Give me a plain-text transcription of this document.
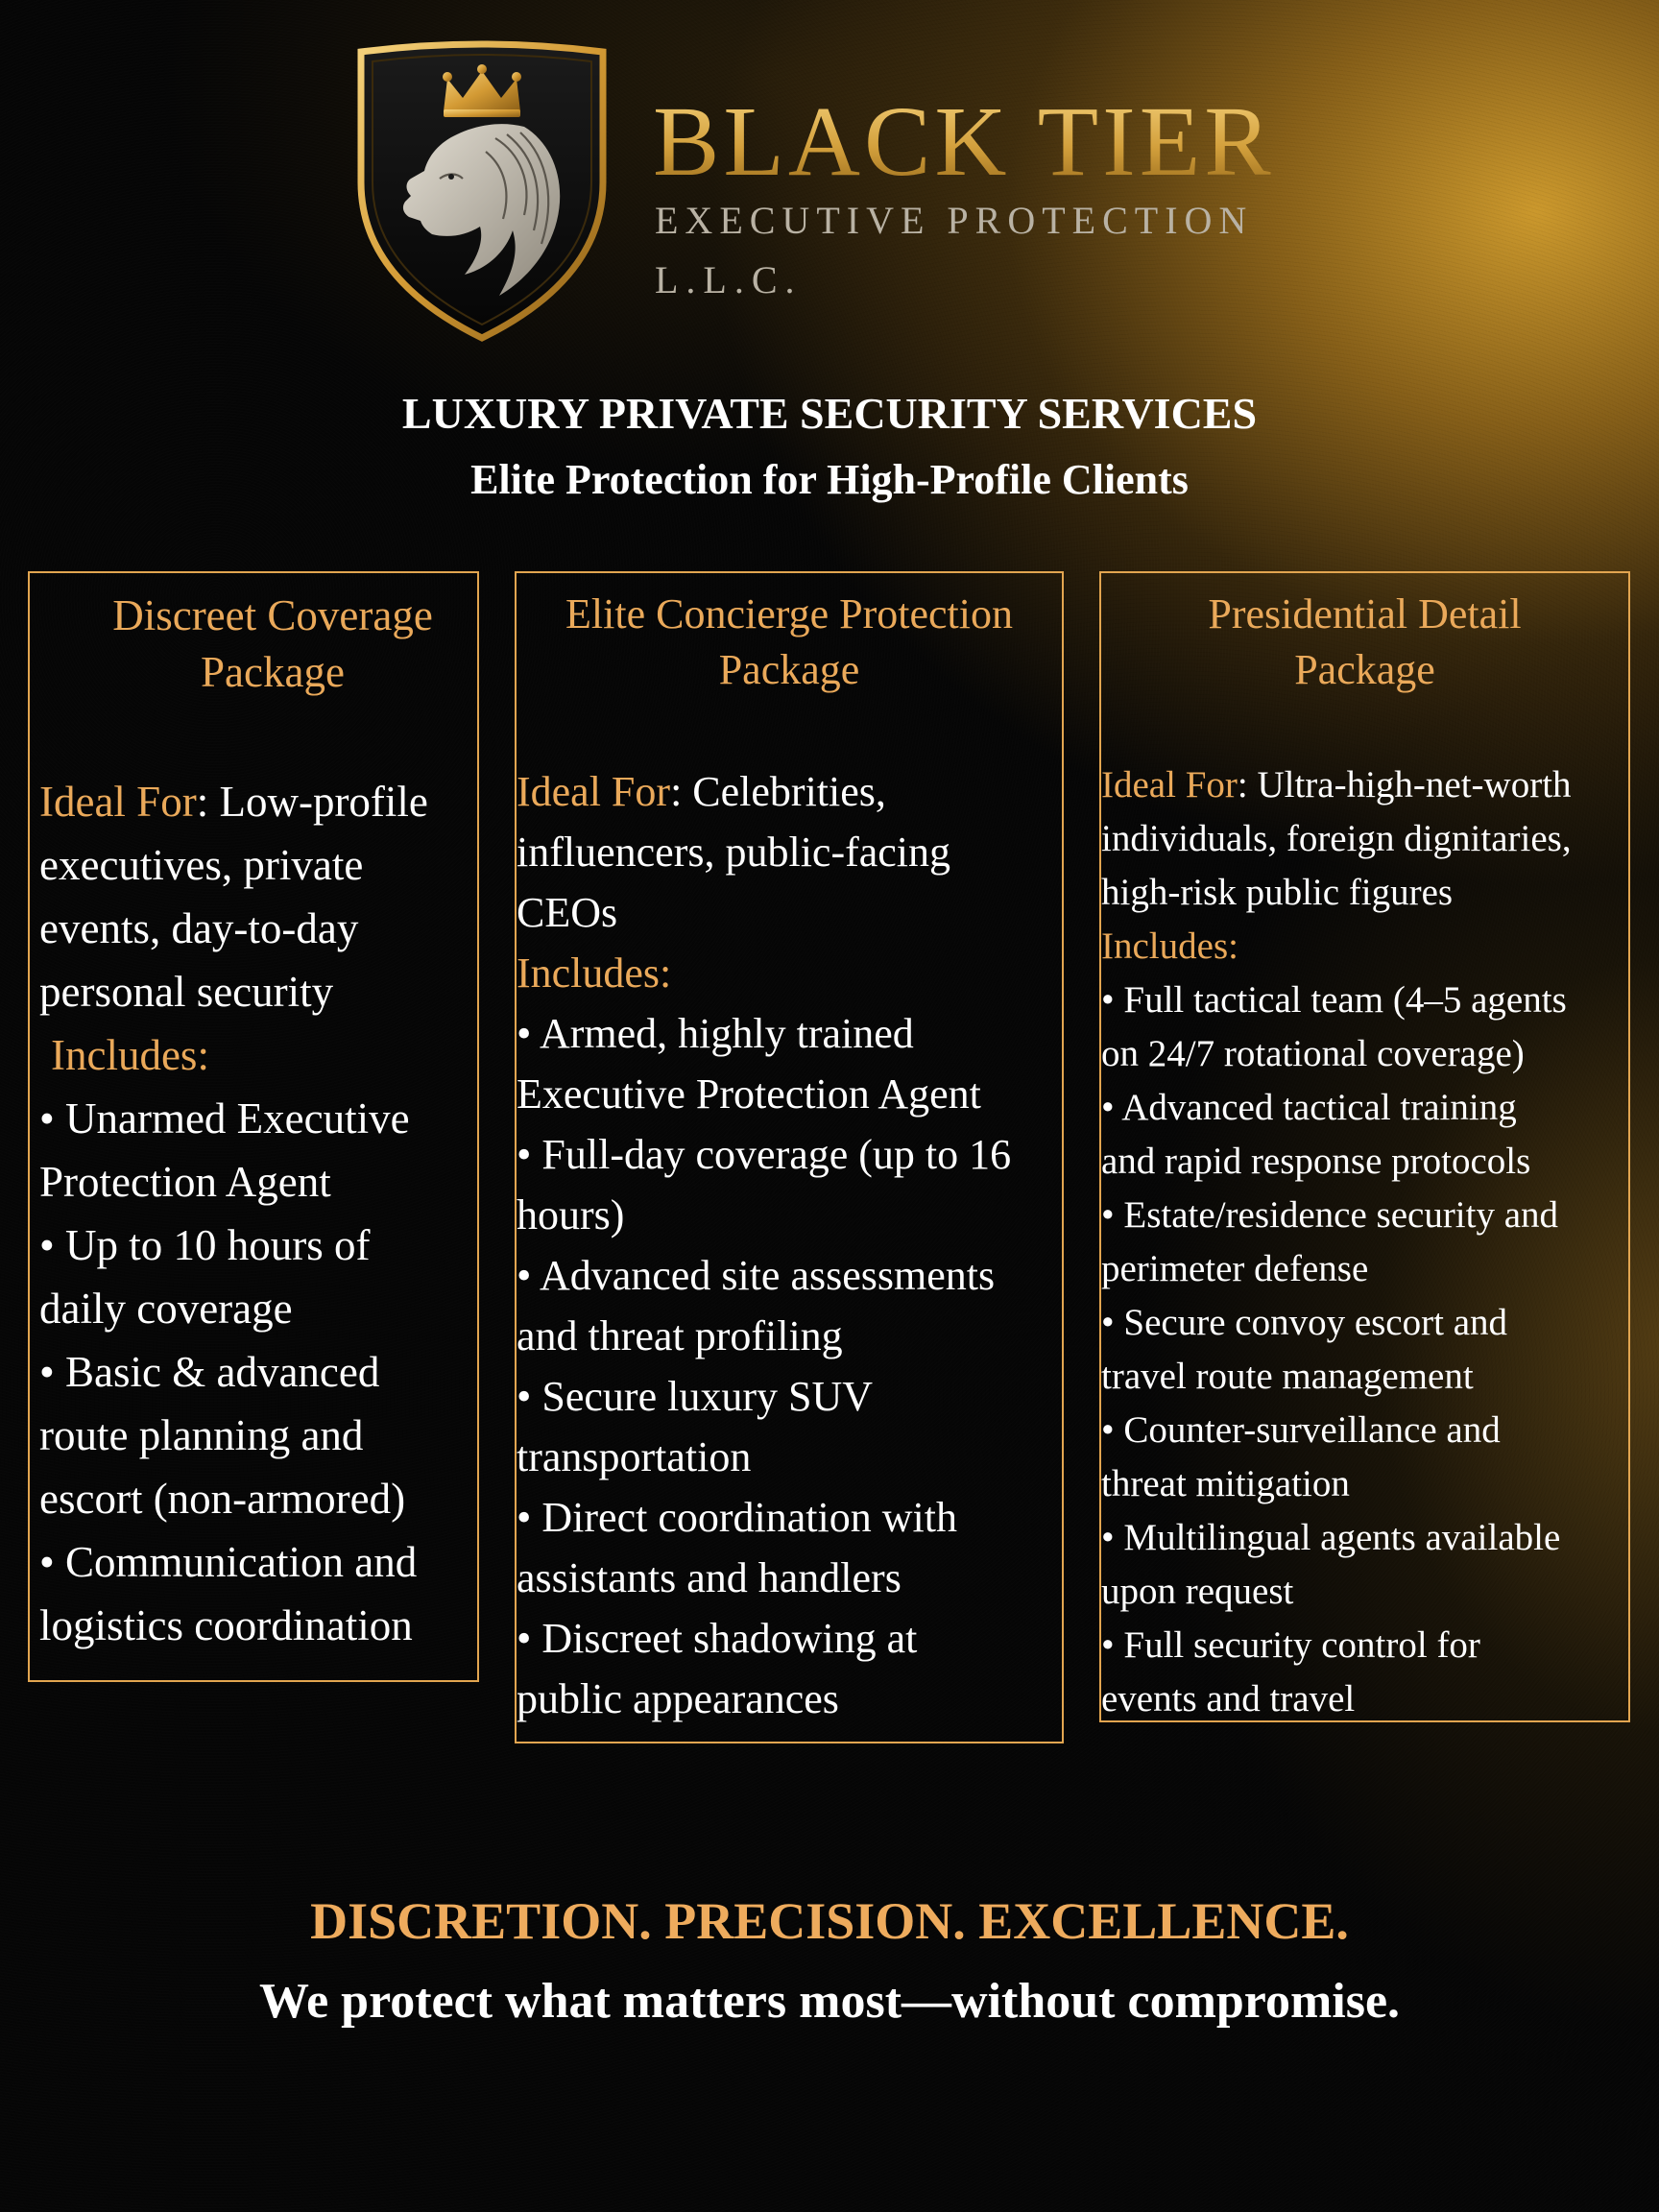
BLACK TIER
EXECUTIVE PROTECTION
L.L.C.
LUXURY PRIVATE SECURITY SERVICES
Elite Protection for High-Profile Clients
Discreet Coverage
Package
Ideal For: Low-profile
executives, private
events, day-to-day
personal security
Includes:
• Unarmed Executive
Protection Agent
• Up to 10 hours of
daily coverage
• Basic & advanced
route planning and
escort (non-armored)
• Communication and
logistics coordination
Elite Concierge Protection
Package
Ideal For: Celebrities,
influencers, public-facing
CEOs
Includes:
• Armed, highly trained
Executive Protection Agent
• Full-day coverage (up to 16
hours)
• Advanced site assessments
and threat profiling
• Secure luxury SUV
transportation
• Direct coordination with
assistants and handlers
• Discreet shadowing at
public appearances
Presidential Detail
Package
Ideal For: Ultra-high-net-worth
individuals, foreign dignitaries,
high-risk public figures
Includes:
• Full tactical team (4–5 agents
on 24/7 rotational coverage)
• Advanced tactical training
and rapid response protocols
• Estate/residence security and
perimeter defense
• Secure convoy escort and
travel route management
• Counter-surveillance and
threat mitigation
• Multilingual agents available
upon request
• Full security control for
events and travel
DISCRETION. PRECISION. EXCELLENCE.
We protect what matters most—without compromise.
